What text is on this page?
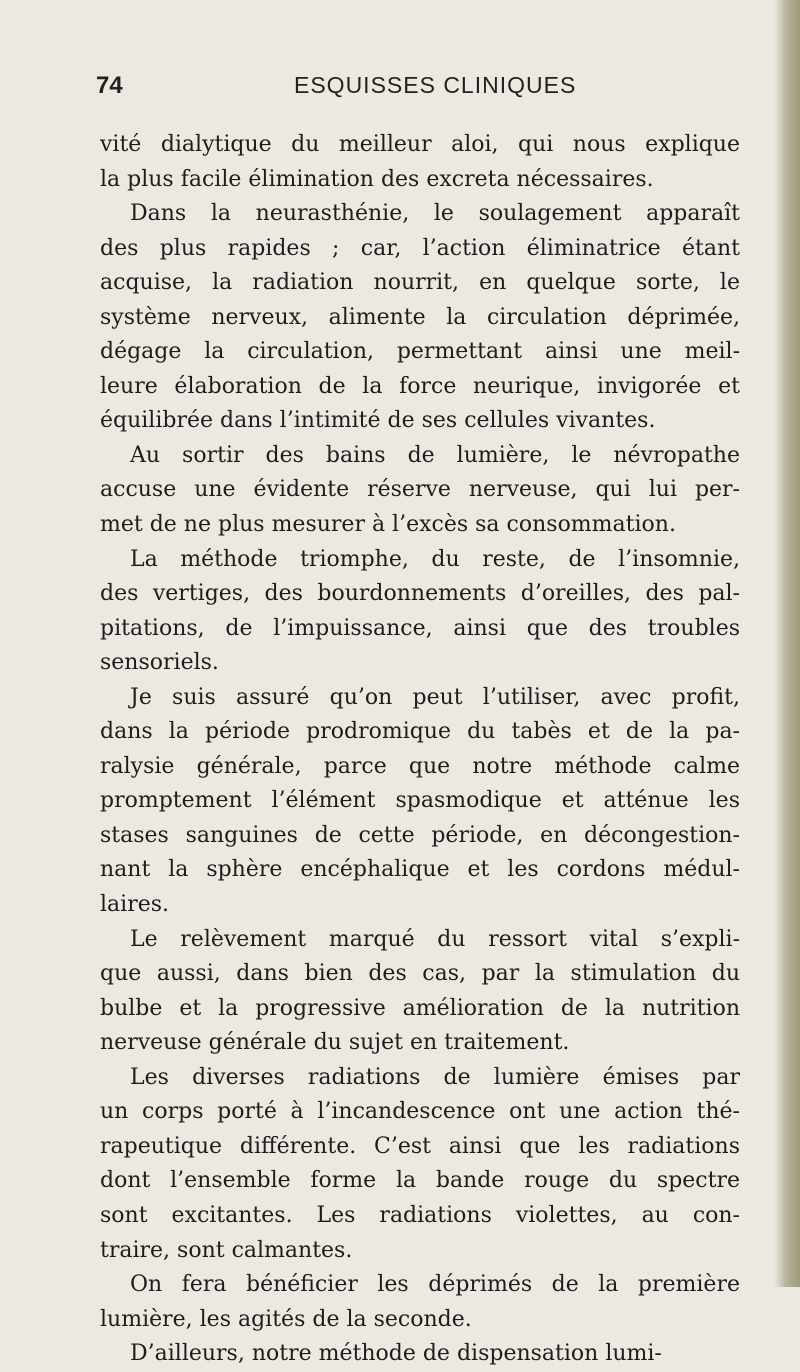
74	ESQUISSES CLINIQUES
vité dialytique du meilleur aloi, qui nous explique
la plus facile élimination des excreta nécessaires.
Dans la neurasthénie, le soulagement apparaît
des plus rapides ; car, l’action éliminatrice étant
acquise, la radiation nourrit, en quelque sorte, le
système nerveux, alimente la circulation déprimée,
dégage la circulation, permettant ainsi une meil-
leure élaboration de la force neurique, invigorée et
équilibrée dans l’intimité de ses cellules vivantes.
Au sortir des bains de lumière, le névropathe
accuse une évidente réserve nerveuse, qui lui per-
met de ne plus mesurer à l’excès sa consommation.
La méthode triomphe, du reste, de l’insomnie,
des vertiges, des bourdonnements d’oreilles, des pal-
pitations, de l’impuissance, ainsi que des troubles
sensoriels.
Je suis assuré qu’on peut l’utiliser, avec profit,
dans la période prodromique du tabès et de la pa-
ralysie générale, parce que notre méthode calme
promptement l’élément spasmodique et atténue les
stases sanguines de cette période, en décongestion-
nant la sphère encéphalique et les cordons médul-
laires.
Le relèvement marqué du ressort vital s’expli-
que aussi, dans bien des cas, par la stimulation du
bulbe et la progressive amélioration de la nutrition
nerveuse générale du sujet en traitement.
Les diverses radiations de lumière émises par
un corps porté à l’incandescence ont une action thé-
rapeutique différente. C’est ainsi que les radiations
dont l’ensemble forme la bande rouge du spectre
sont excitantes. Les radiations violettes, au con-
traire, sont calmantes.
On fera bénéficier les déprimés de la première
lumière, les agités de la seconde.
D’ailleurs, notre méthode de dispensation lumi-
